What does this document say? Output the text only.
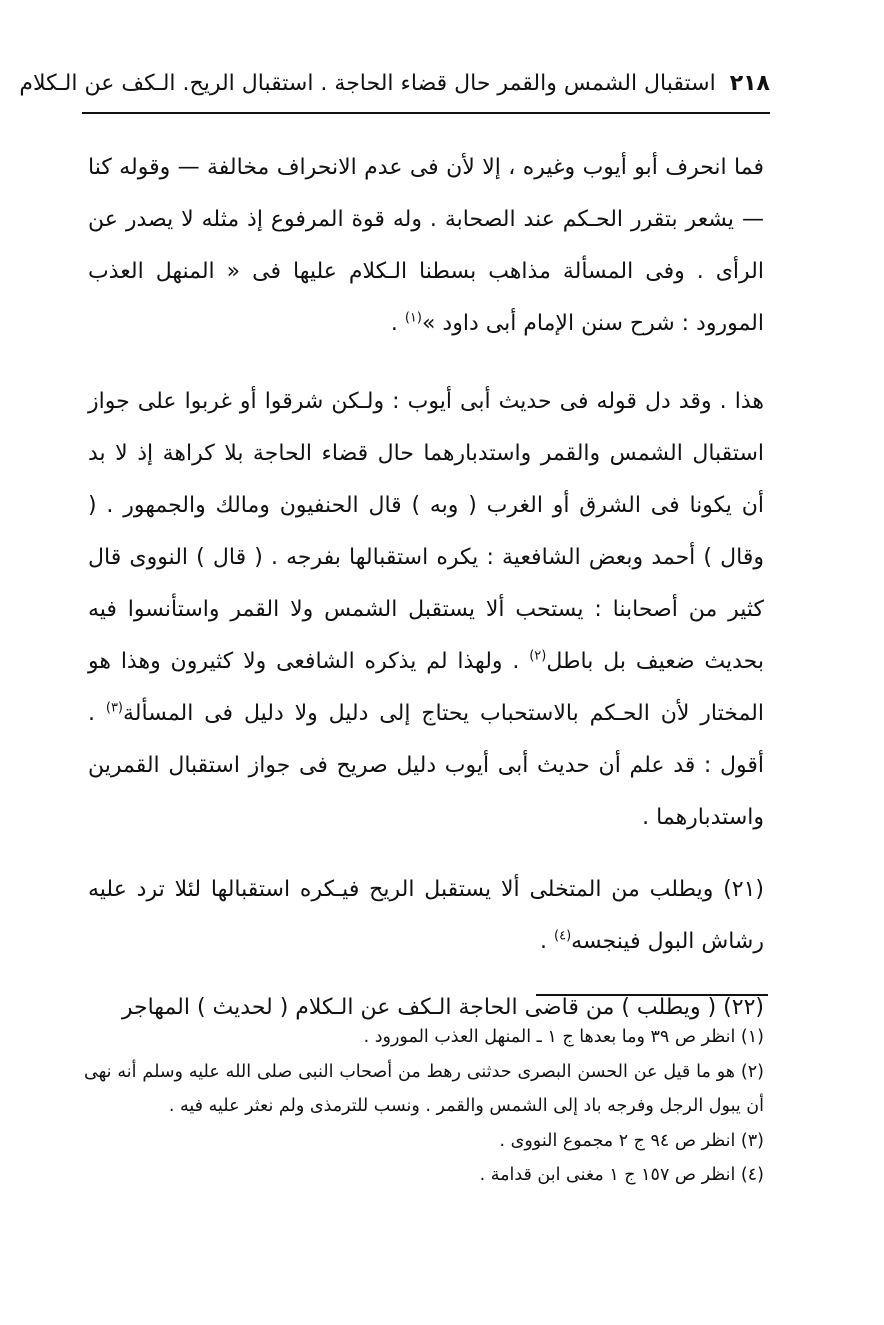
٢١٨
استقبال الشمس والقمر حال قضاء الحاجة . استقبال الريح. الـكف عن الـكلام

فما انحرف أبو أيوب وغيره ، إلا لأن فى عدم الانحراف مخالفة — وقوله كنا — يشعر بتقرر الحـكم عند الصحابة . وله قوة المرفوع إذ مثله لا يصدر عن الرأى . وفى المسألة مذاهب بسطنا الـكلام عليها فى « المنهل العذب المورود : شرح سنن الإمام أبى داود »$^{(١)}$ .

هذا . وقد دل قوله فى حديث أبى أيوب : ولـكن شرقوا أو غربوا على جواز استقبال الشمس والقمر واستدبارهما حال قضاء الحاجة بلا كراهة إذ لا بد أن يكونا فى الشرق أو الغرب ( وبه ) قال الحنفيون ومالك والجمهور . ( وقال ) أحمد وبعض الشافعية : يكره استقبالها بفرجه . ( قال ) النووى قال كثير من أصحابنا : يستحب ألا يستقبل الشمس ولا القمر واستأنسوا فيه بحديث ضعيف بل باطل$^{(٢)}$ . ولهذا لم يذكره الشافعى ولا كثيرون وهذا هو المختار لأن الحـكم بالاستحباب يحتاج إلى دليل ولا دليل فى المسألة$^{(٣)}$ . أقول : قد علم أن حديث أبى أيوب دليل صريح فى جواز استقبال القمرين واستدبارهما .

(٢١) ويطلب من المتخلى ألا يستقبل الريح فيـكره استقبالها لئلا ترد عليه رشاش البول فينجسه$^{(٤)}$ .

(٢٢) ( ويطلب ) من قاضى الحاجة الـكف عن الـكلام ( لحديث ) المهاجر

(١) انظر ص ٣٩ وما بعدها ج ١ ـ المنهل العذب المورود .

(٢) هو ما قيل عن الحسن البصرى حدثنى رهط من أصحاب النبى صلى الله عليه وسلم أنه نهى أن يبول الرجل وفرجه باد إلى الشمس والقمر . ونسب للترمذى ولم نعثر عليه فيه .

(٣) انظر ص ٩٤ ج ٢ مجموع النووى .

(٤) انظر ص ١٥٧ ج ١ مغنى ابن قدامة .
